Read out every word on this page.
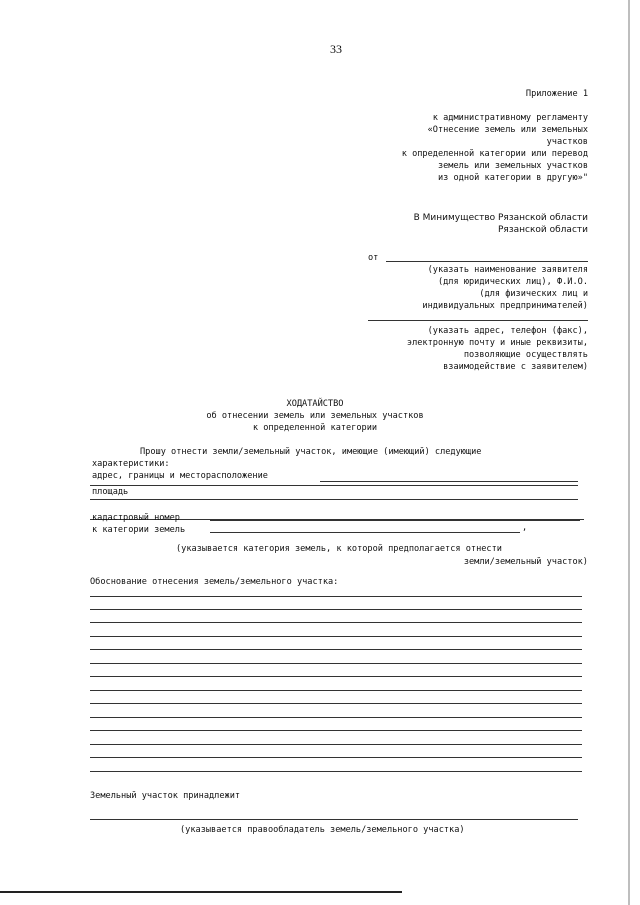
33
Приложение 1
к административному регламенту
«Отнесение земель или земельных
участков
к определенной категории или перевод
земель или земельных участков
из одной категории в другую»"
В Минимущество Рязанской области
Рязанской области
от
(указать наименование заявителя
(для юридических лиц), Ф.И.О.
(для физических лиц и
индивидуальных предпринимателей)
(указать адрес, телефон (факс),
электронную почту и иные реквизиты,
позволяющие осуществлять
взаимодействие с заявителем)
ХОДАТАЙСТВО
об отнесении земель или земельных участков
к определенной категории
Прошу отнести земли/земельный участок, имеющие (имеющий) следующие
характеристики:
адрес, границы и месторасположение
площадь
кадастровый номер
к категории земель	,
(указывается категория земель, к которой предполагается отнести
земли/земельный участок)
Обоснование отнесения земель/земельного участка:
Земельный участок принадлежит
(указывается правообладатель земель/земельного участка)
